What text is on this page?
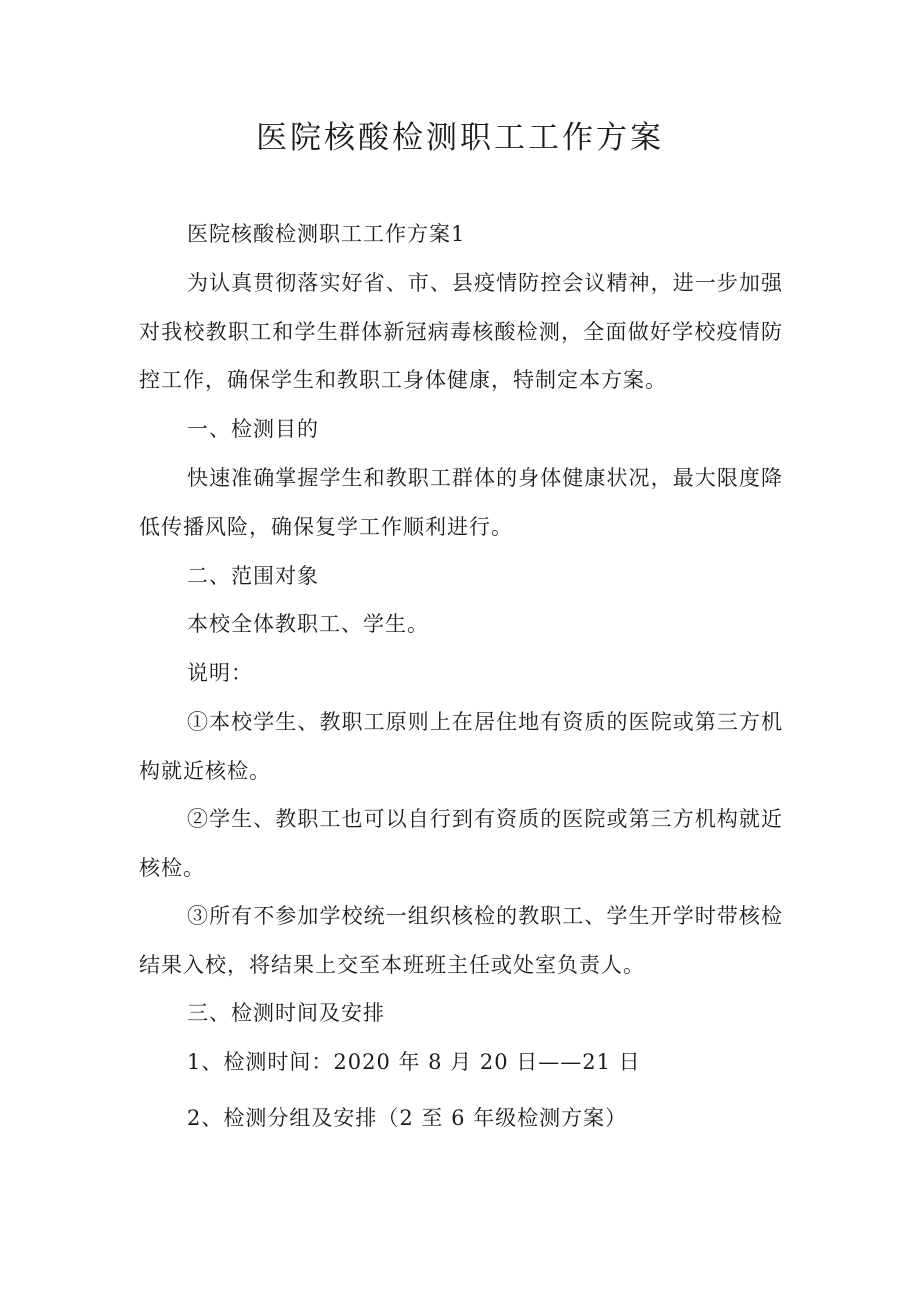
医院核酸检测职工工作方案

医院核酸检测职工工作方案1

为认真贯彻落实好省、市、县疫情防控会议精神，进一步加强对我校教职工和学生群体新冠病毒核酸检测，全面做好学校疫情防控工作，确保学生和教职工身体健康，特制定本方案。

一、检测目的

快速准确掌握学生和教职工群体的身体健康状况，最大限度降低传播风险，确保复学工作顺利进行。

二、范围对象

本校全体教职工、学生。

说明：

①本校学生、教职工原则上在居住地有资质的医院或第三方机构就近核检。

②学生、教职工也可以自行到有资质的医院或第三方机构就近核检。

③所有不参加学校统一组织核检的教职工、学生开学时带核检结果入校，将结果上交至本班班主任或处室负责人。

三、检测时间及安排

1、检测时间：2020 年 8 月 20 日——21 日

2、检测分组及安排（2 至 6 年级检测方案）
